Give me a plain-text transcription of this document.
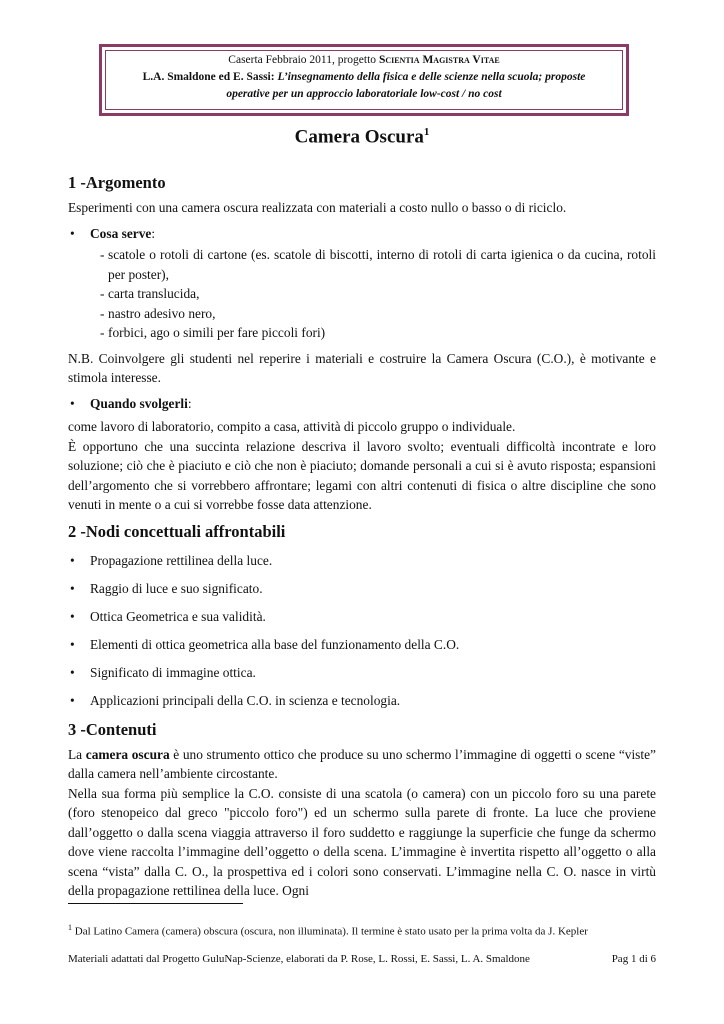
Caserta Febbraio 2011, progetto Scientia Magistra Vitae
L.A. Smaldone ed E. Sassi: L’insegnamento della fisica e delle scienze nella scuola; proposte
operative per un approccio laboratoriale low-cost / no cost
Camera Oscura$^1$
1 -Argomento

Esperimenti con una camera oscura realizzata con materiali a costo nullo o basso o di riciclo.

• Cosa serve:
- scatole o rotoli di cartone (es. scatole di biscotti, interno di rotoli di carta igienica o da cucina, rotoli per poster),
- carta translucida,
- nastro adesivo nero,
- forbici, ago o simili per fare piccoli fori)

N.B. Coinvolgere gli studenti nel reperire i materiali e costruire la Camera Oscura (C.O.), è motivante e stimola interesse.

• Quando svolgerli:

come lavoro di laboratorio, compito a casa, attività di piccolo gruppo o individuale.

È opportuno che una succinta relazione descriva il lavoro svolto; eventuali difficoltà incontrate e loro soluzione; ciò che è piaciuto e ciò che non è piaciuto; domande personali a cui si è avuto risposta; espansioni dell’argomento che si vorrebbero affrontare; legami con altri contenuti di fisica o altre discipline che sono venuti in mente o a cui si vorrebbe fosse data attenzione.

2 -Nodi concettuali affrontabili
• Propagazione rettilinea della luce.
• Raggio di luce e suo significato.
• Ottica Geometrica e sua validità.
• Elementi di ottica geometrica alla base del funzionamento della C.O.
• Significato di immagine ottica.
• Applicazioni principali della C.O. in scienza e tecnologia.
3 -Contenuti

La camera oscura è uno strumento ottico che produce su uno schermo l’immagine di oggetti o scene “viste” dalla camera nell’ambiente circostante.

Nella sua forma più semplice la C.O. consiste di una scatola (o camera) con un piccolo foro su una parete (foro stenopeico dal greco "piccolo foro") ed un schermo sulla parete di fronte. La luce che proviene dall’oggetto o dalla scena viaggia attraverso il foro suddetto e raggiunge la superficie che funge da schermo dove viene raccolta l’immagine dell’oggetto o della scena. L’immagine è invertita rispetto all’oggetto o alla scena “vista” dalla C. O., la prospettiva ed i colori sono conservati. L’immagine nella C. O. nasce in virtù della propagazione rettilinea della luce. Ogni

$^1$ Dal Latino Camera (camera) obscura (oscura, non illuminata). Il termine è stato usato per la prima volta da J. Kepler
Materiali adattati dal Progetto GuluNap-Scienze, elaborati da P. Rose, L. Rossi, E. Sassi, L. A. Smaldone	Pag 1 di 6
